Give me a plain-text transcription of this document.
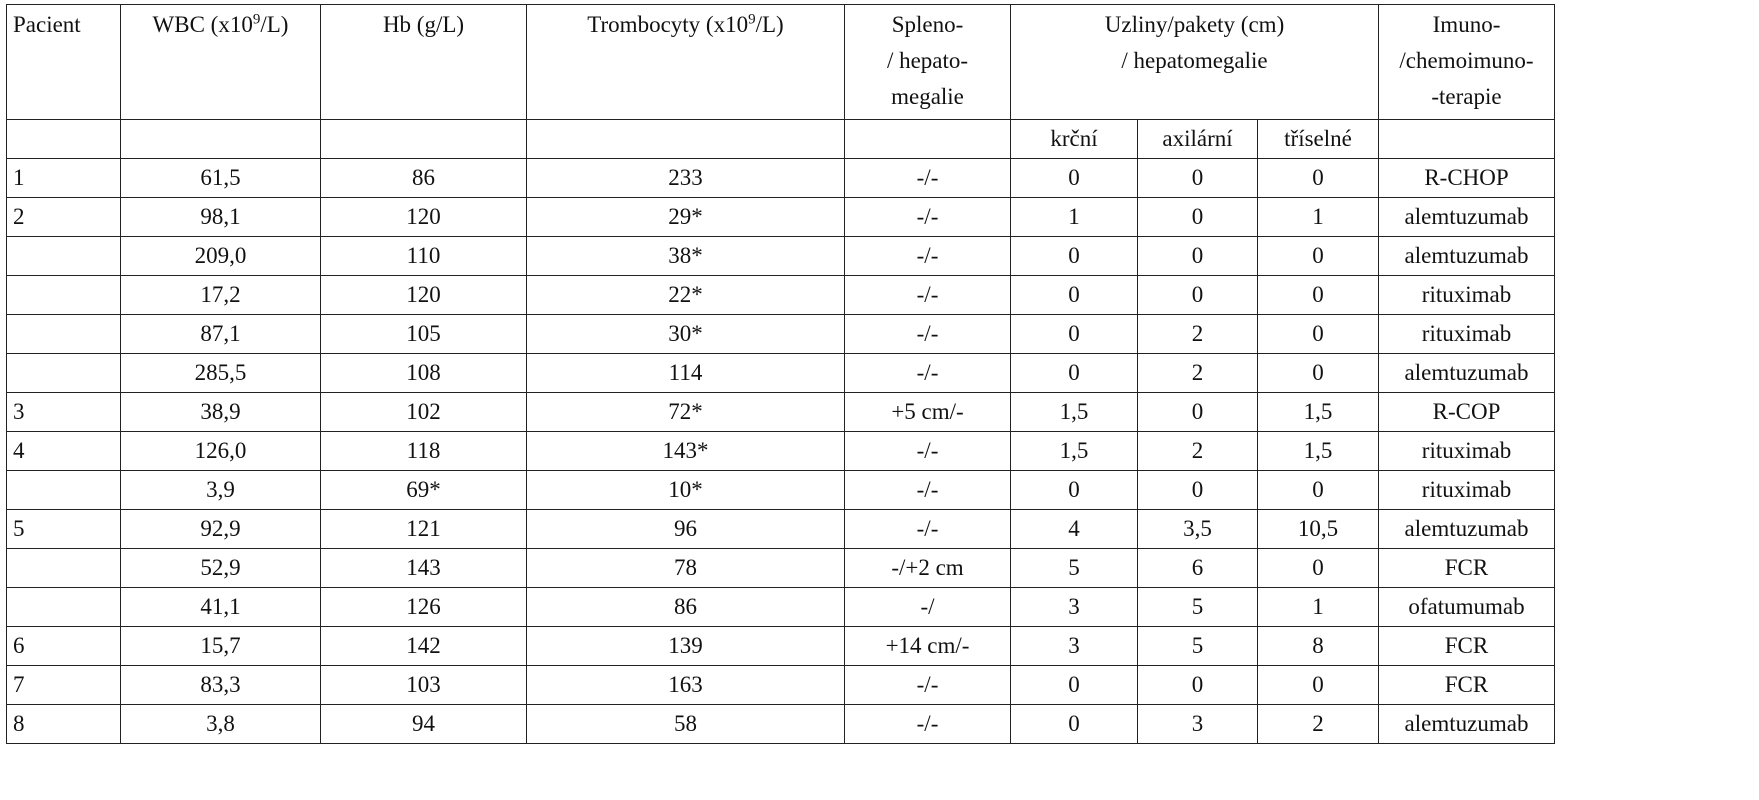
Pacient	WBC $(x10^9/L)$	Hb (g/L)	Trombocyty $(x10^9/L)$	Spleno-
/ hepato-
megalie	Uzliny/pakety (cm)
/ hepatomegalie			Imuno-
/chemoimuno-
-terapie

					krční	axilární	tříselné	
1	61,5	86	233	-/-	0	0	0	R-CHOP
2	98,1	120	29*	-/-	1	0	1	alemtuzumab
	209,0	110	38*	-/-	0	0	0	alemtuzumab
	17,2	120	22*	-/-	0	0	0	rituximab
	87,1	105	30*	-/-	0	2	0	rituximab
	285,5	108	114	-/-	0	2	0	alemtuzumab
3	38,9	102	72*	+5 cm/-	1,5	0	1,5	R-COP
4	126,0	118	143*	-/-	1,5	2	1,5	rituximab
	3,9	69*	10*	-/-	0	0	0	rituximab
5	92,9	121	96	-/-	4	3,5	10,5	alemtuzumab
	52,9	143	78	-/+2 cm	5	6	0	FCR
	41,1	126	86	-/	3	5	1	ofatumumab
6	15,7	142	139	+14 cm/-	3	5	8	FCR
7	83,3	103	163	-/-	0	0	0	FCR
8	3,8	94	58	-/-	0	3	2	alemtuzumab
